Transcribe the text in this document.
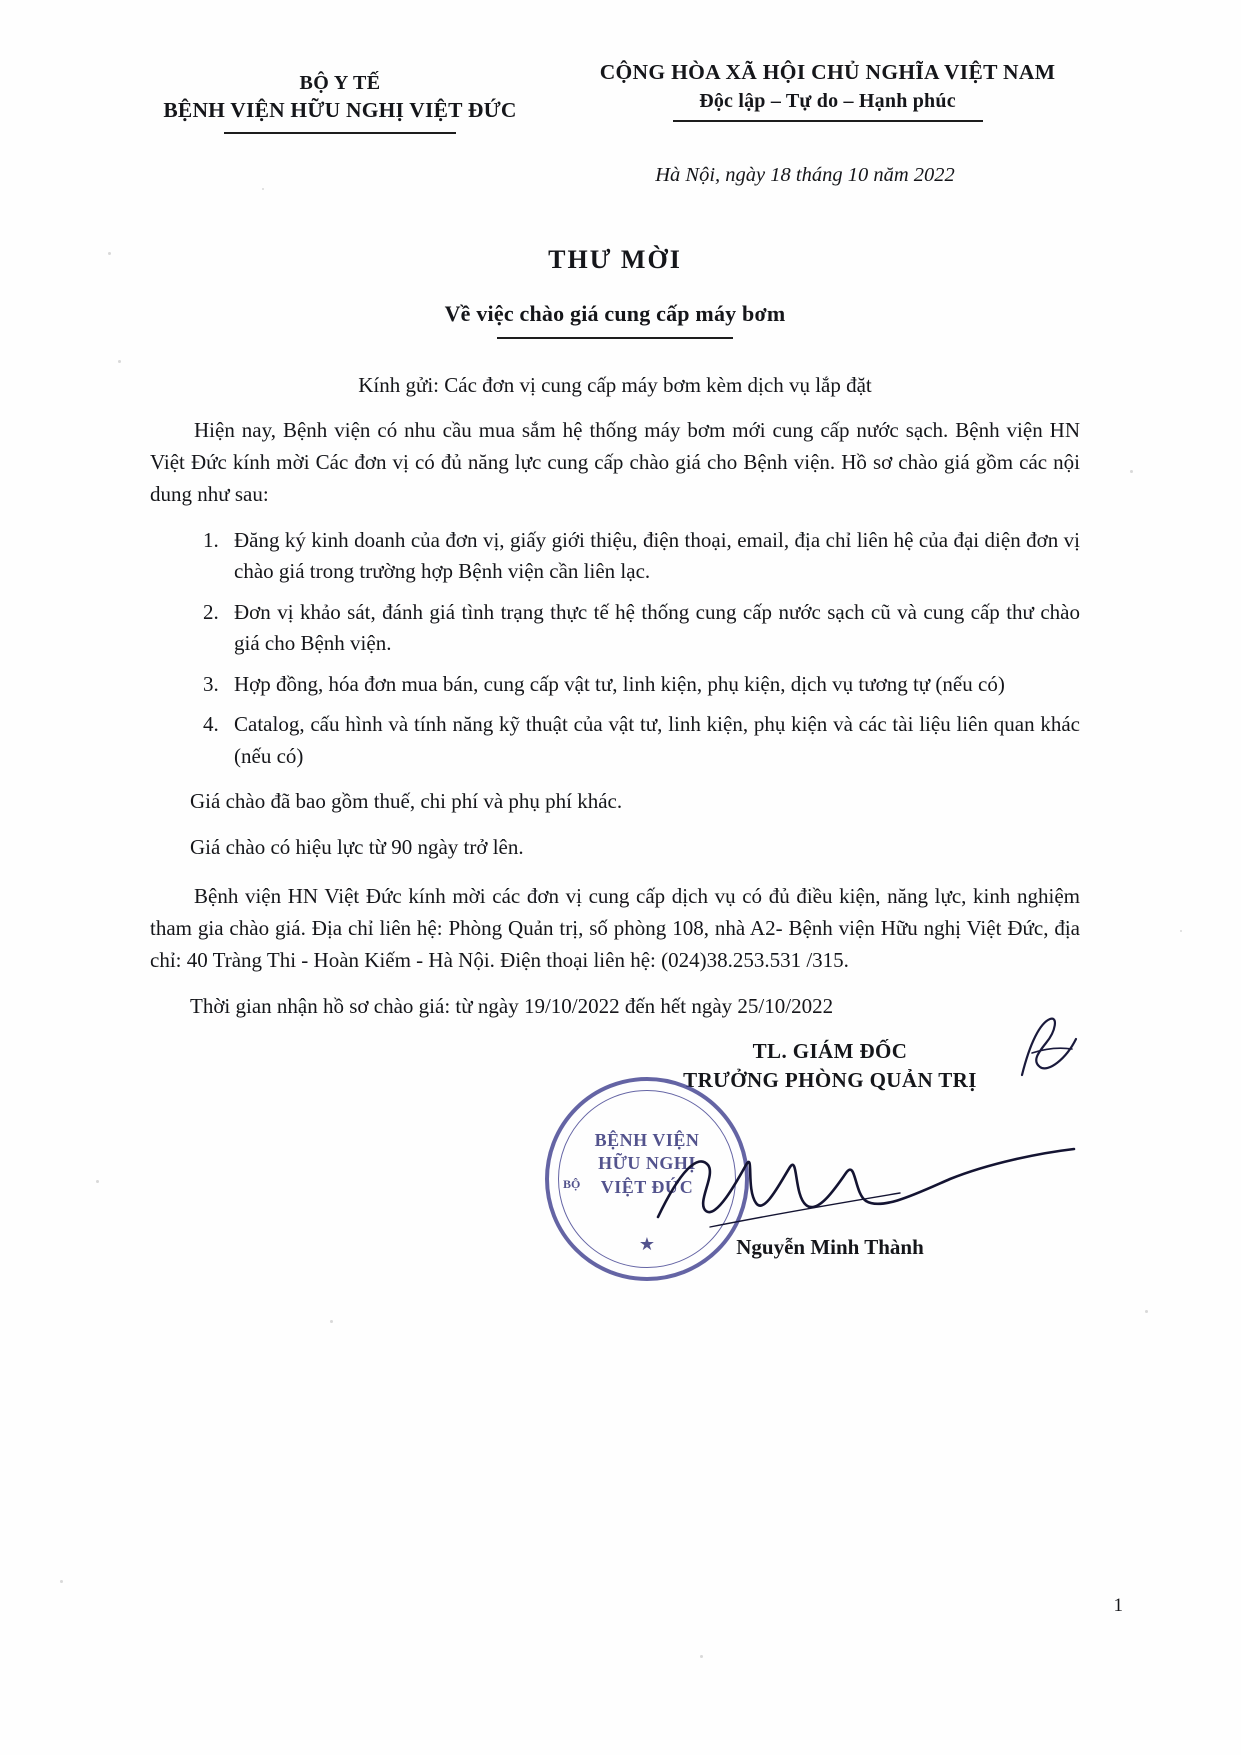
BỘ Y TẾ
BỆNH VIỆN HỮU NGHỊ VIỆT ĐỨC
CỘNG HÒA XÃ HỘI CHỦ NGHĨA VIỆT NAM
Độc lập – Tự do – Hạnh phúc
Hà Nội, ngày 18 tháng 10 năm 2022
THƯ MỜI
Về việc chào giá cung cấp máy bơm
Kính gửi: Các đơn vị cung cấp máy bơm kèm dịch vụ lắp đặt
Hiện nay, Bệnh viện có nhu cầu mua sắm hệ thống máy bơm mới cung cấp nước sạch. Bệnh viện HN Việt Đức kính mời Các đơn vị có đủ năng lực cung cấp chào giá cho Bệnh viện. Hồ sơ chào giá gồm các nội dung như sau:
1. Đăng ký kinh doanh của đơn vị, giấy giới thiệu, điện thoại, email, địa chỉ liên hệ của đại diện đơn vị chào giá trong trường hợp Bệnh viện cần liên lạc.
2. Đơn vị khảo sát, đánh giá tình trạng thực tế hệ thống cung cấp nước sạch cũ và cung cấp thư chào giá cho Bệnh viện.
3. Hợp đồng, hóa đơn mua bán, cung cấp vật tư, linh kiện, phụ kiện, dịch vụ tương tự (nếu có)
4. Catalog, cấu hình và tính năng kỹ thuật của vật tư, linh kiện, phụ kiện và các tài liệu liên quan khác (nếu có)
Giá chào đã bao gồm thuế, chi phí và phụ phí khác.
Giá chào có hiệu lực từ 90 ngày trở lên.
Bệnh viện HN Việt Đức kính mời các đơn vị cung cấp dịch vụ có đủ điều kiện, năng lực, kinh nghiệm tham gia chào giá. Địa chỉ liên hệ: Phòng Quản trị, số phòng 108, nhà A2- Bệnh viện Hữu nghị Việt Đức, địa chỉ: 40 Tràng Thi - Hoàn Kiếm - Hà Nội. Điện thoại liên hệ: (024)38.253.531 /315.
Thời gian nhận hồ sơ chào giá: từ ngày 19/10/2022 đến hết ngày 25/10/2022
TL. GIÁM ĐỐC
TRƯỞNG PHÒNG QUẢN TRỊ
BỘ
BỆNH VIỆN
HỮU NGHỊ
VIỆT ĐỨC
★	Nguyễn Minh Thành
1
